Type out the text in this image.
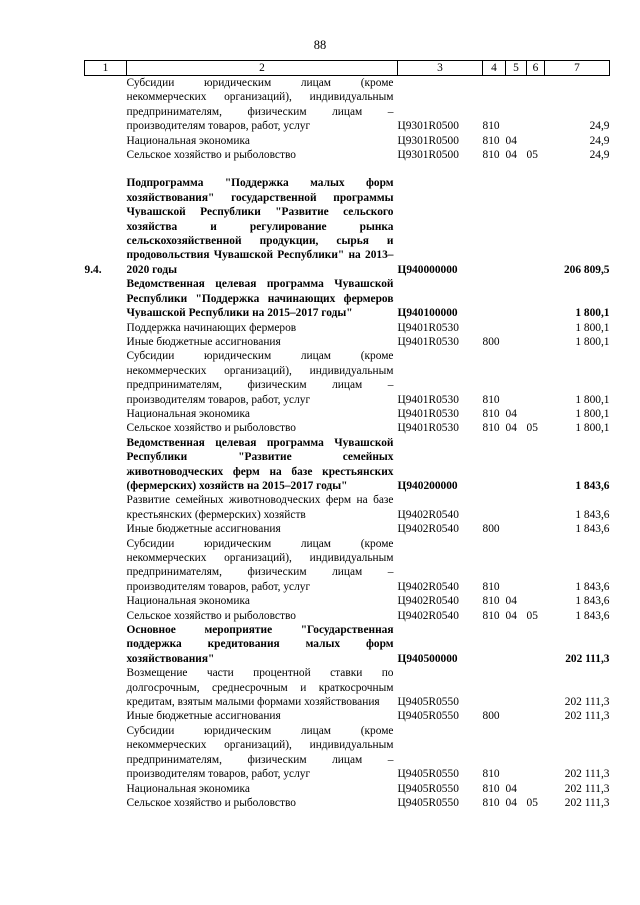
88
1	2	3	4	5	6	7
	Субсидии юридическим лицам (кроме некоммерческих организаций), индивидуальным предпринимателям, физическим лицам – производителям товаров, работ, услуг	Ц9301R0500	810			24,9
	Национальная экономика	Ц9301R0500	810	04		24,9
	Сельское хозяйство и рыболовство	Ц9301R0500	810	04	05	24,9

9.4.	Подпрограмма "Поддержка малых форм хозяйствования" государственной программы Чувашской Республики "Развитие сельского хозяйства и регулирование рынка сельскохозяйственной продукции, сырья и продовольствия Чувашской Республики" на 2013–2020 годы	Ц940000000				206 809,5
	Ведомственная целевая программа Чувашской Республики "Поддержка начинающих фермеров Чувашской Республики на 2015–2017 годы"	Ц940100000				1 800,1
	Поддержка начинающих фермеров	Ц9401R0530				1 800,1
	Иные бюджетные ассигнования	Ц9401R0530	800			1 800,1
	Субсидии юридическим лицам (кроме некоммерческих организаций), индивидуальным предпринимателям, физическим лицам – производителям товаров, работ, услуг	Ц9401R0530	810			1 800,1
	Национальная экономика	Ц9401R0530	810	04		1 800,1
	Сельское хозяйство и рыболовство	Ц9401R0530	810	04	05	1 800,1
	Ведомственная целевая программа Чувашской Республики "Развитие семейных животноводческих ферм на базе крестьянских (фермерских) хозяйств на 2015–2017 годы"	Ц940200000				1 843,6
	Развитие семейных животноводческих ферм на базе крестьянских (фермерских) хозяйств	Ц9402R0540				1 843,6
	Иные бюджетные ассигнования	Ц9402R0540	800			1 843,6
	Субсидии юридическим лицам (кроме некоммерческих организаций), индивидуальным предпринимателям, физическим лицам – производителям товаров, работ, услуг	Ц9402R0540	810			1 843,6
	Национальная экономика	Ц9402R0540	810	04		1 843,6
	Сельское хозяйство и рыболовство	Ц9402R0540	810	04	05	1 843,6
	Основное мероприятие "Государственная поддержка кредитования малых форм хозяйствования"	Ц940500000				202 111,3
	Возмещение части процентной ставки по долгосрочным, среднесрочным и краткосрочным кредитам, взятым малыми формами хозяйствования	Ц9405R0550				202 111,3
	Иные бюджетные ассигнования	Ц9405R0550	800			202 111,3
	Субсидии юридическим лицам (кроме некоммерческих организаций), индивидуальным предпринимателям, физическим лицам – производителям товаров, работ, услуг	Ц9405R0550	810			202 111,3
	Национальная экономика	Ц9405R0550	810	04		202 111,3
	Сельское хозяйство и рыболовство	Ц9405R0550	810	04	05	202 111,3
